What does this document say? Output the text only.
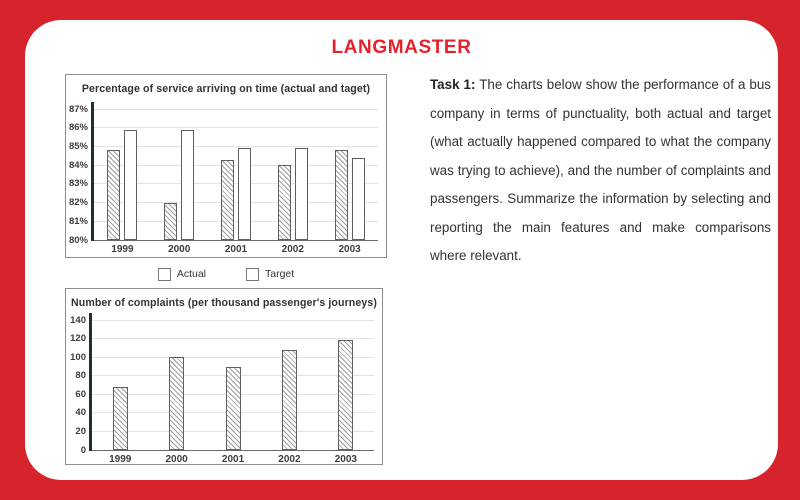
LANGMASTER
Percentage of service arriving on time (actual and taget)
80%
81%
82%
83%
84%
85%
86%
87%
1999	2000	2001	2002	2003
Actual	Target
Number of complaints (per thousand passenger's journeys)
0
20
40
60
80
100
120
140
1999	2000	2001	2002	2003
Task 1: The charts below show the performance of a bus company in terms of punctuality, both actual and target (what actually happened compared to what the company was trying to achieve), and the number of complaints and passengers. Summarize the information by selecting and reporting the main features and make comparisons where relevant.
